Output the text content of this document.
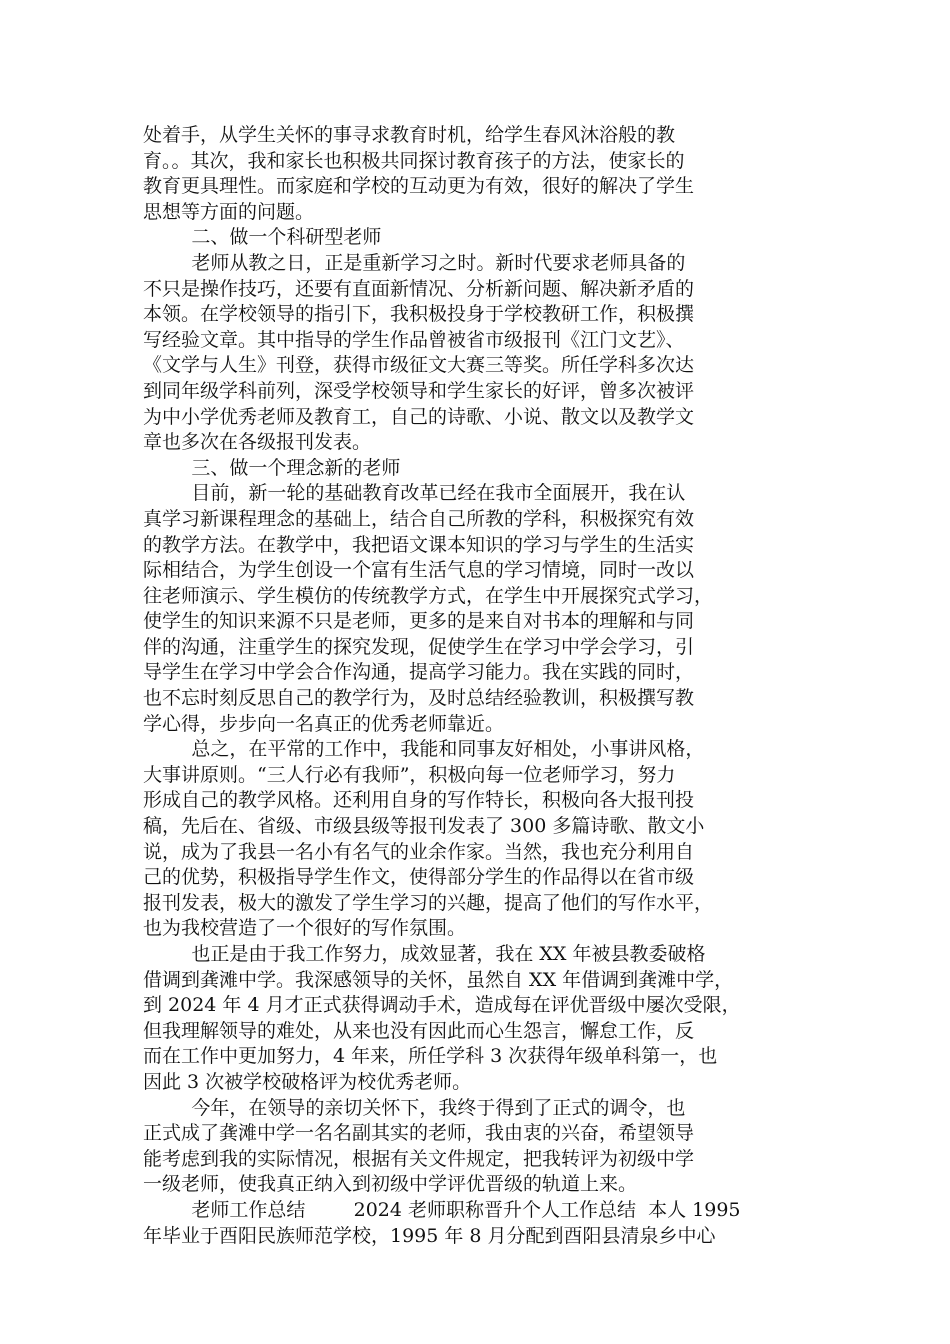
处着手，从学生关怀的事寻求教育时机，给学生春风沐浴般的教
育。。其次，我和家长也积极共同探讨教育孩子的方法，使家长的
教育更具理性。而家庭和学校的互动更为有效，很好的解决了学生
思想等方面的问题。
二、做一个科研型老师
老师从教之日，正是重新学习之时。新时代要求老师具备的
不只是操作技巧，还要有直面新情况、分析新问题、解决新矛盾的
本领。在学校领导的指引下，我积极投身于学校教研工作，积极撰
写经验文章。其中指导的学生作品曾被省市级报刊《江门文艺》、
《文学与人生》刊登，获得市级征文大赛三等奖。所任学科多次达
到同年级学科前列，深受学校领导和学生家长的好评，曾多次被评
为中小学优秀老师及教育工，自己的诗歌、小说、散文以及教学文
章也多次在各级报刊发表。
三、做一个理念新的老师
目前，新一轮的基础教育改革已经在我市全面展开，我在认
真学习新课程理念的基础上，结合自己所教的学科，积极探究有效
的教学方法。在教学中，我把语文课本知识的学习与学生的生活实
际相结合，为学生创设一个富有生活气息的学习情境，同时一改以
往老师演示、学生模仿的传统教学方式，在学生中开展探究式学习，
使学生的知识来源不只是老师，更多的是来自对书本的理解和与同
伴的沟通，注重学生的探究发现，促使学生在学习中学会学习，引
导学生在学习中学会合作沟通，提高学习能力。我在实践的同时，
也不忘时刻反思自己的教学行为，及时总结经验教训，积极撰写教
学心得，步步向一名真正的优秀老师靠近。
总之，在平常的工作中，我能和同事友好相处，小事讲风格，
大事讲原则。“三人行必有我师”，积极向每一位老师学习，努力
形成自己的教学风格。还利用自身的写作特长，积极向各大报刊投
稿，先后在、省级、市级县级等报刊发表了 300 多篇诗歌、散文小
说，成为了我县一名小有名气的业余作家。当然，我也充分利用自
己的优势，积极指导学生作文，使得部分学生的作品得以在省市级
报刊发表，极大的激发了学生学习的兴趣，提高了他们的写作水平，
也为我校营造了一个很好的写作氛围。
也正是由于我工作努力，成效显著，我在 XX 年被县教委破格
借调到龚滩中学。我深感领导的关怀，虽然自 XX 年借调到龚滩中学，
到 2024 年 4 月才正式获得调动手术，造成每在评优晋级中屡次受限，
但我理解领导的难处，从来也没有因此而心生怨言，懈怠工作，反
而在工作中更加努力，4 年来，所任学科 3 次获得年级单科第一，也
因此 3 次被学校破格评为校优秀老师。
今年，在领导的亲切关怀下，我终于得到了正式的调令，也
正式成了龚滩中学一名名副其实的老师，我由衷的兴奋，希望领导
能考虑到我的实际情况，根据有关文件规定，把我转评为初级中学
一级老师，使我真正纳入到初级中学评优晋级的轨道上来。
老师工作总结        2024 老师职称晋升个人工作总结  本人 1995
年毕业于酉阳民族师范学校，1995 年 8 月分配到酉阳县清泉乡中心
